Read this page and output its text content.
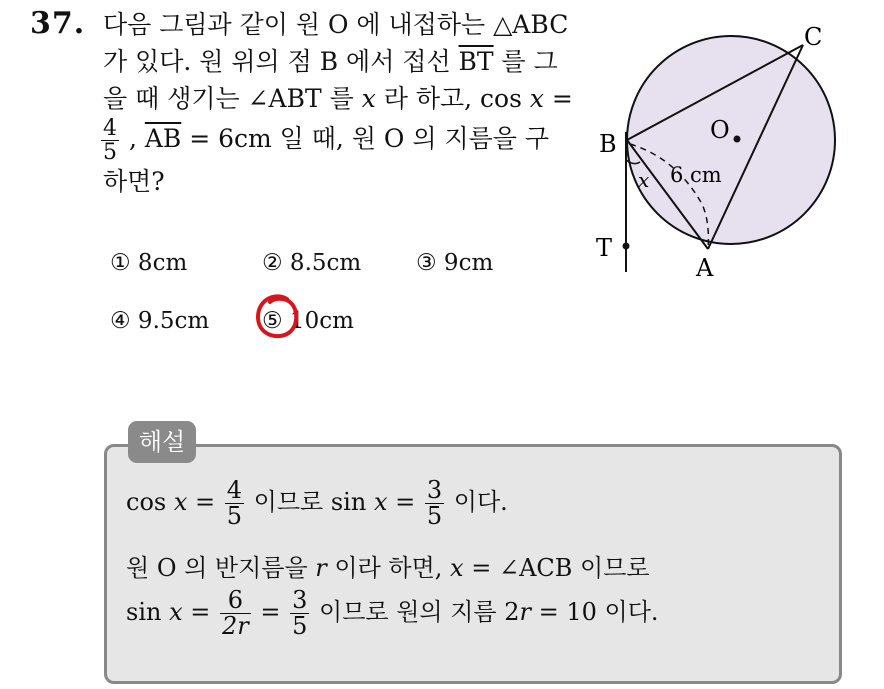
37. 다음 그림과 같이 원 O 에 내접하는 △ABC
가 있다. 원 위의 점 B 에서 접선 $\overline{BT}$ 를 그
을 때 생기는 ∠ABT 를 x 라 하고, cos x =
$\frac{4}{5}$ , $\overline{AB} = 6cm$ 일 때, 원 O 의 지름을 구
하면?
① 8cm	② 8.5cm ③ 9cm
④ 9.5cm ⑤ 10cm
C
B	O
x 6 cm
T
A
해설
$\cos x = \frac{4}{5}$ 이므로 $\sin x = \frac{3}{5}$ 이다.
원 O 의 반지름을 r 이라 하면, x = ∠ACB 이므로
$\sin x = \frac{6}{2r} = \frac{3}{5}$ 이므로 원의 지름 2r = 10 이다.
